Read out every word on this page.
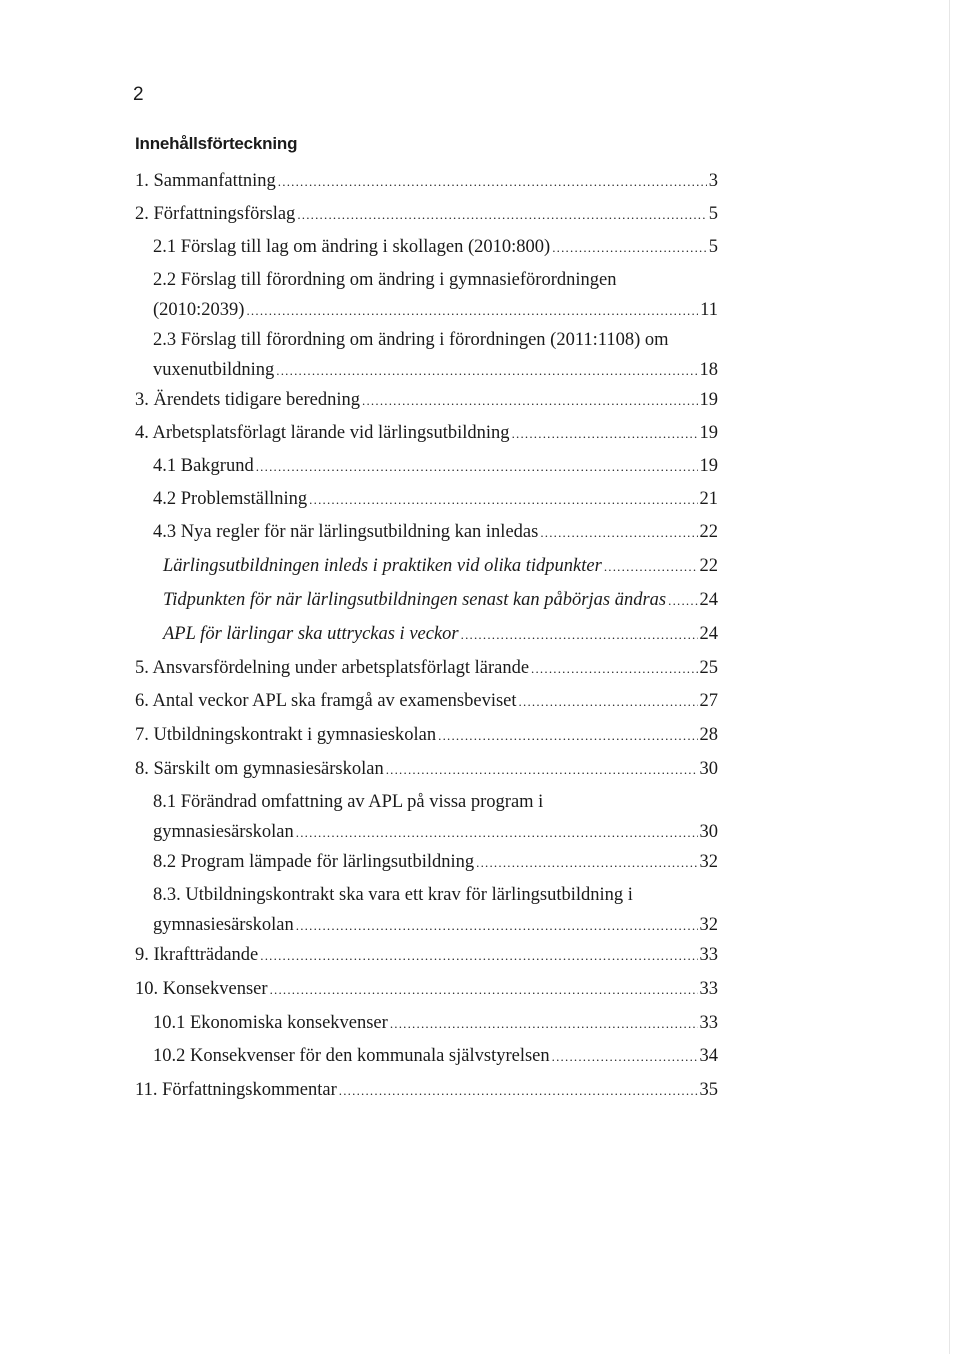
2
Innehållsförteckning
1. Sammanfattning .....	3
2. Författningsförslag .....	5
2.1 Förslag till lag om ändring i skollagen (2010:800) .....	5
2.2 Förslag till förordning om ändring i gymnasieförordningen
(2010:2039) .....	11
2.3 Förslag till förordning om ändring i förordningen (2011:1108) om
vuxenutbildning .....	18
3. Ärendets tidigare beredning .....	19
4. Arbetsplatsförlagt lärande vid lärlingsutbildning .....	19
4.1 Bakgrund .....	19
4.2 Problemställning .....	21
4.3 Nya regler för när lärlingsutbildning kan inledas .....	22
Lärlingsutbildningen inleds i praktiken vid olika tidpunkter .....	22
Tidpunkten för när lärlingsutbildningen senast kan påbörjas ändras ..... 24
APL för lärlingar ska uttryckas i veckor .....	24
5. Ansvarsfördelning under arbetsplatsförlagt lärande .....	25
6. Antal veckor APL ska framgå av examensbeviset .....	27
7. Utbildningskontrakt i gymnasieskolan .....	28
8. Särskilt om gymnasiesärskolan .....	30
8.1 Förändrad omfattning av APL på vissa program i
gymnasiesärskolan .....	30
8.2 Program lämpade för lärlingsutbildning .....	32
8.3. Utbildningskontrakt ska vara ett krav för lärlingsutbildning i
gymnasiesärskolan .....	32
9. Ikraftträdande .....	33
10. Konsekvenser .....	33
10.1 Ekonomiska konsekvenser .....	33
10.2 Konsekvenser för den kommunala självstyrelsen .....	34
11. Författningskommentar .....	35
